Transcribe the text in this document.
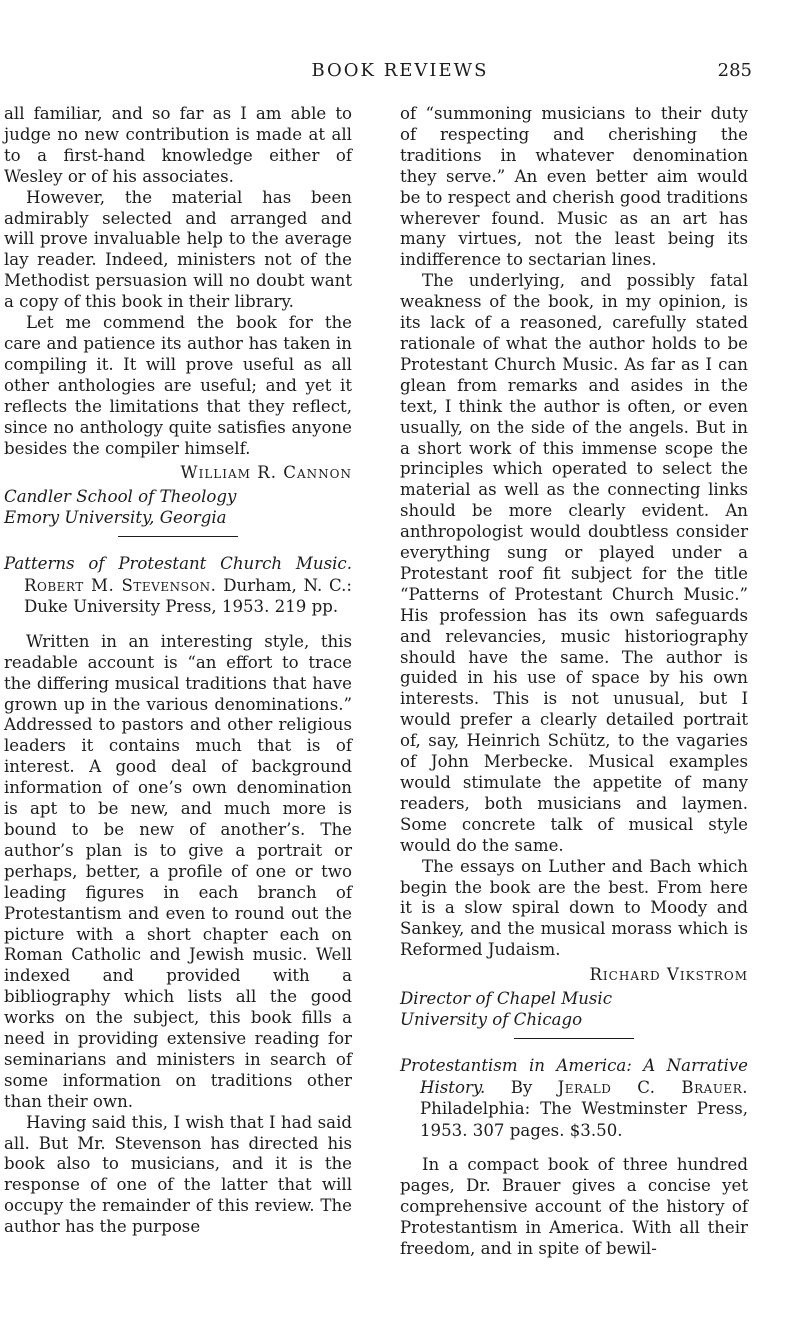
BOOK REVIEWS	285

all familiar, and so far as I am able to judge no new contribution is made at all to a first-hand knowledge either of Wesley or of his associates.

However, the material has been admirably selected and arranged and will prove invaluable help to the average lay reader. Indeed, ministers not of the Methodist persuasion will no doubt want a copy of this book in their library.

Let me commend the book for the care and patience its author has taken in compiling it. It will prove useful as all other anthologies are useful; and yet it reflects the limitations that they reflect, since no anthology quite satisfies anyone besides the compiler himself.

William R. Cannon

Candler School of Theology

Emory University, Georgia

Patterns of Protestant Church Music. Robert M. Stevenson. Durham, N. C.: Duke University Press, 1953. 219 pp.

Written in an interesting style, this readable account is “an effort to trace the differing musical traditions that have grown up in the various denominations.” Addressed to pastors and other religious leaders it contains much that is of interest. A good deal of background information of one’s own denomination is apt to be new, and much more is bound to be new of another’s. The author’s plan is to give a portrait or perhaps, better, a profile of one or two leading figures in each branch of Protestantism and even to round out the picture with a short chapter each on Roman Catholic and Jewish music. Well indexed and provided with a bibliography which lists all the good works on the subject, this book fills a need in providing extensive reading for seminarians and ministers in search of some information on traditions other than their own.

Having said this, I wish that I had said all. But Mr. Stevenson has directed his book also to musicians, and it is the response of one of the latter that will occupy the remainder of this review. The author has the purpose

of “summoning musicians to their duty of respecting and cherishing the traditions in whatever denomination they serve.” An even better aim would be to respect and cherish good traditions wherever found. Music as an art has many virtues, not the least being its indifference to sectarian lines.

The underlying, and possibly fatal weakness of the book, in my opinion, is its lack of a reasoned, carefully stated rationale of what the author holds to be Protestant Church Music. As far as I can glean from remarks and asides in the text, I think the author is often, or even usually, on the side of the angels. But in a short work of this immense scope the principles which operated to select the material as well as the connecting links should be more clearly evident. An anthropologist would doubtless consider everything sung or played under a Protestant roof fit subject for the title “Patterns of Protestant Church Music.” His profession has its own safeguards and relevancies, music historiography should have the same. The author is guided in his use of space by his own interests. This is not unusual, but I would prefer a clearly detailed portrait of, say, Heinrich Schütz, to the vagaries of John Merbecke. Musical examples would stimulate the appetite of many readers, both musicians and laymen. Some concrete talk of musical style would do the same.

The essays on Luther and Bach which begin the book are the best. From here it is a slow spiral down to Moody and Sankey, and the musical morass which is Reformed Judaism.

Richard Vikstrom

Director of Chapel Music

University of Chicago

Protestantism in America: A Narrative History. By Jerald C. Brauer. Philadelphia: The Westminster Press, 1953. 307 pages. $3.50.

In a compact book of three hundred pages, Dr. Brauer gives a concise yet comprehensive account of the history of Protestantism in America. With all their freedom, and in spite of bewil-
